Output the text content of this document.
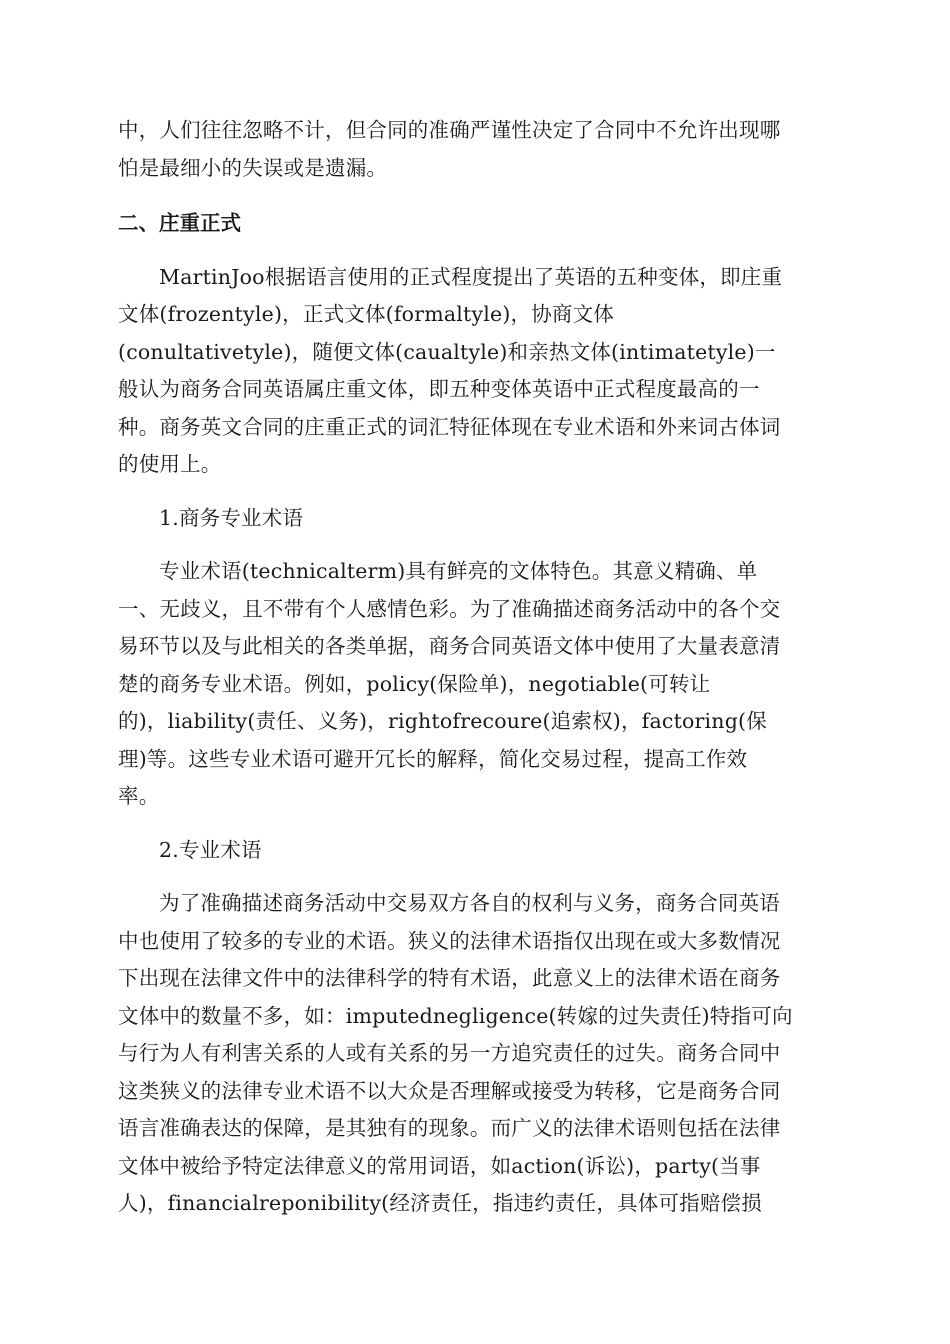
中，人们往往忽略不计，但合同的准确严谨性决定了合同中不允许出现哪
怕是最细小的失误或是遗漏。
二、庄重正式
MartinJoo根据语言使用的正式程度提出了英语的五种变体，即庄重
文体(frozentyle)，正式文体(formaltyle)，协商文体
(conultativetyle)，随便文体(caualtyle)和亲热文体(intimatetyle)一
般认为商务合同英语属庄重文体，即五种变体英语中正式程度最高的一
种。商务英文合同的庄重正式的词汇特征体现在专业术语和外来词古体词
的使用上。
1.商务专业术语
专业术语(technicalterm)具有鲜亮的文体特色。其意义精确、单
一、无歧义，且不带有个人感情色彩。为了准确描述商务活动中的各个交
易环节以及与此相关的各类单据，商务合同英语文体中使用了大量表意清
楚的商务专业术语。例如，policy(保险单)，negotiable(可转让
的)，liability(责任、义务)，rightofrecoure(追索权)，factoring(保
理)等。这些专业术语可避开冗长的解释，简化交易过程，提高工作效
率。
2.专业术语
为了准确描述商务活动中交易双方各自的权利与义务，商务合同英语
中也使用了较多的专业的术语。狭义的法律术语指仅出现在或大多数情况
下出现在法律文件中的法律科学的特有术语，此意义上的法律术语在商务
文体中的数量不多，如：imputednegligence(转嫁的过失责任)特指可向
与行为人有利害关系的人或有关系的另一方追究责任的过失。商务合同中
这类狭义的法律专业术语不以大众是否理解或接受为转移，它是商务合同
语言准确表达的保障，是其独有的现象。而广义的法律术语则包括在法律
文体中被给予特定法律意义的常用词语，如action(诉讼)，party(当事
人)，financialreponibility(经济责任，指违约责任，具体可指赔偿损
